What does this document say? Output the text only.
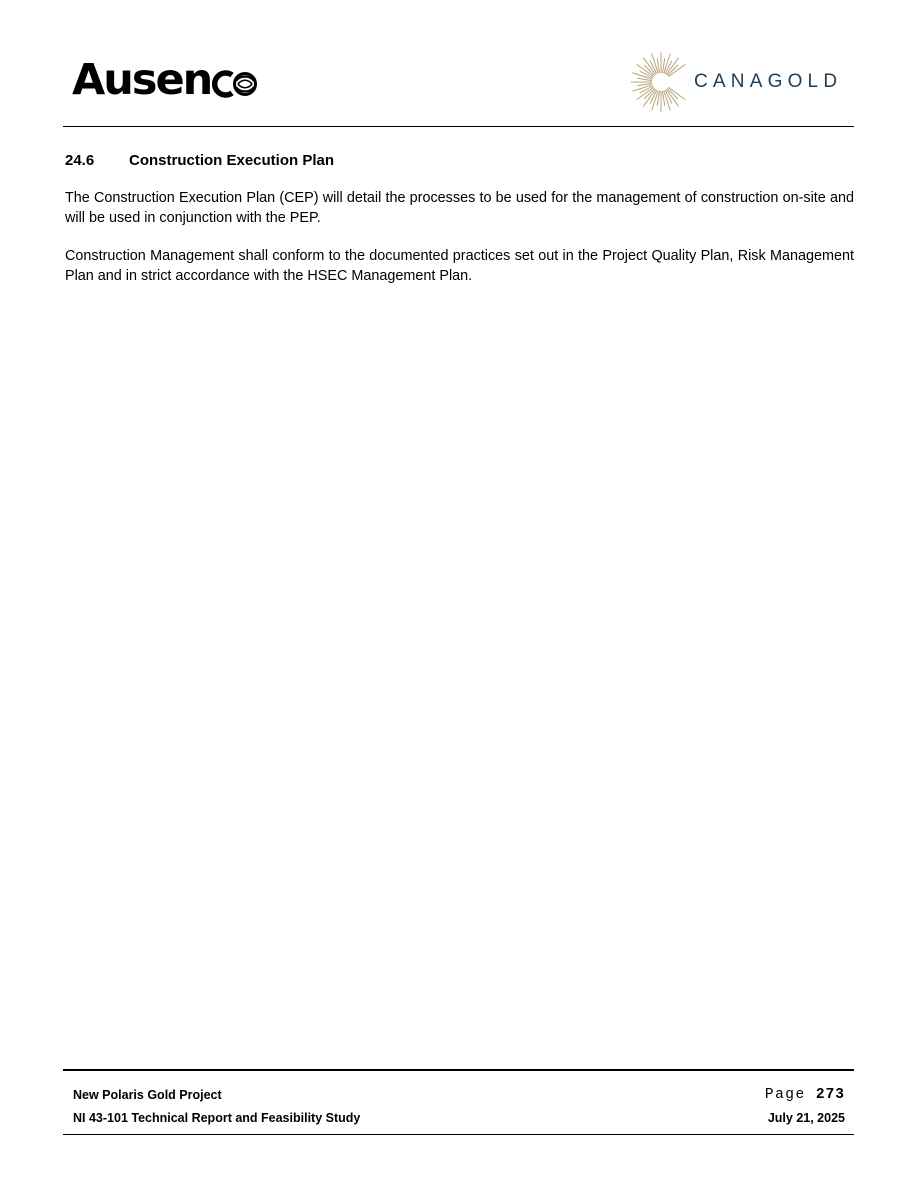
Ausen	CANAGOLD
24.6	Construction Execution Plan

The Construction Execution Plan (CEP) will detail the processes to be used for the management of construction on-site and will be used in conjunction with the PEP.

Construction Management shall conform to the documented practices set out in the Project Quality Plan, Risk Management Plan and in strict accordance with the HSEC Management Plan.

New Polaris Gold Project
NI 43-101 Technical Report and Feasibility Study
Page 273
July 21, 2025
